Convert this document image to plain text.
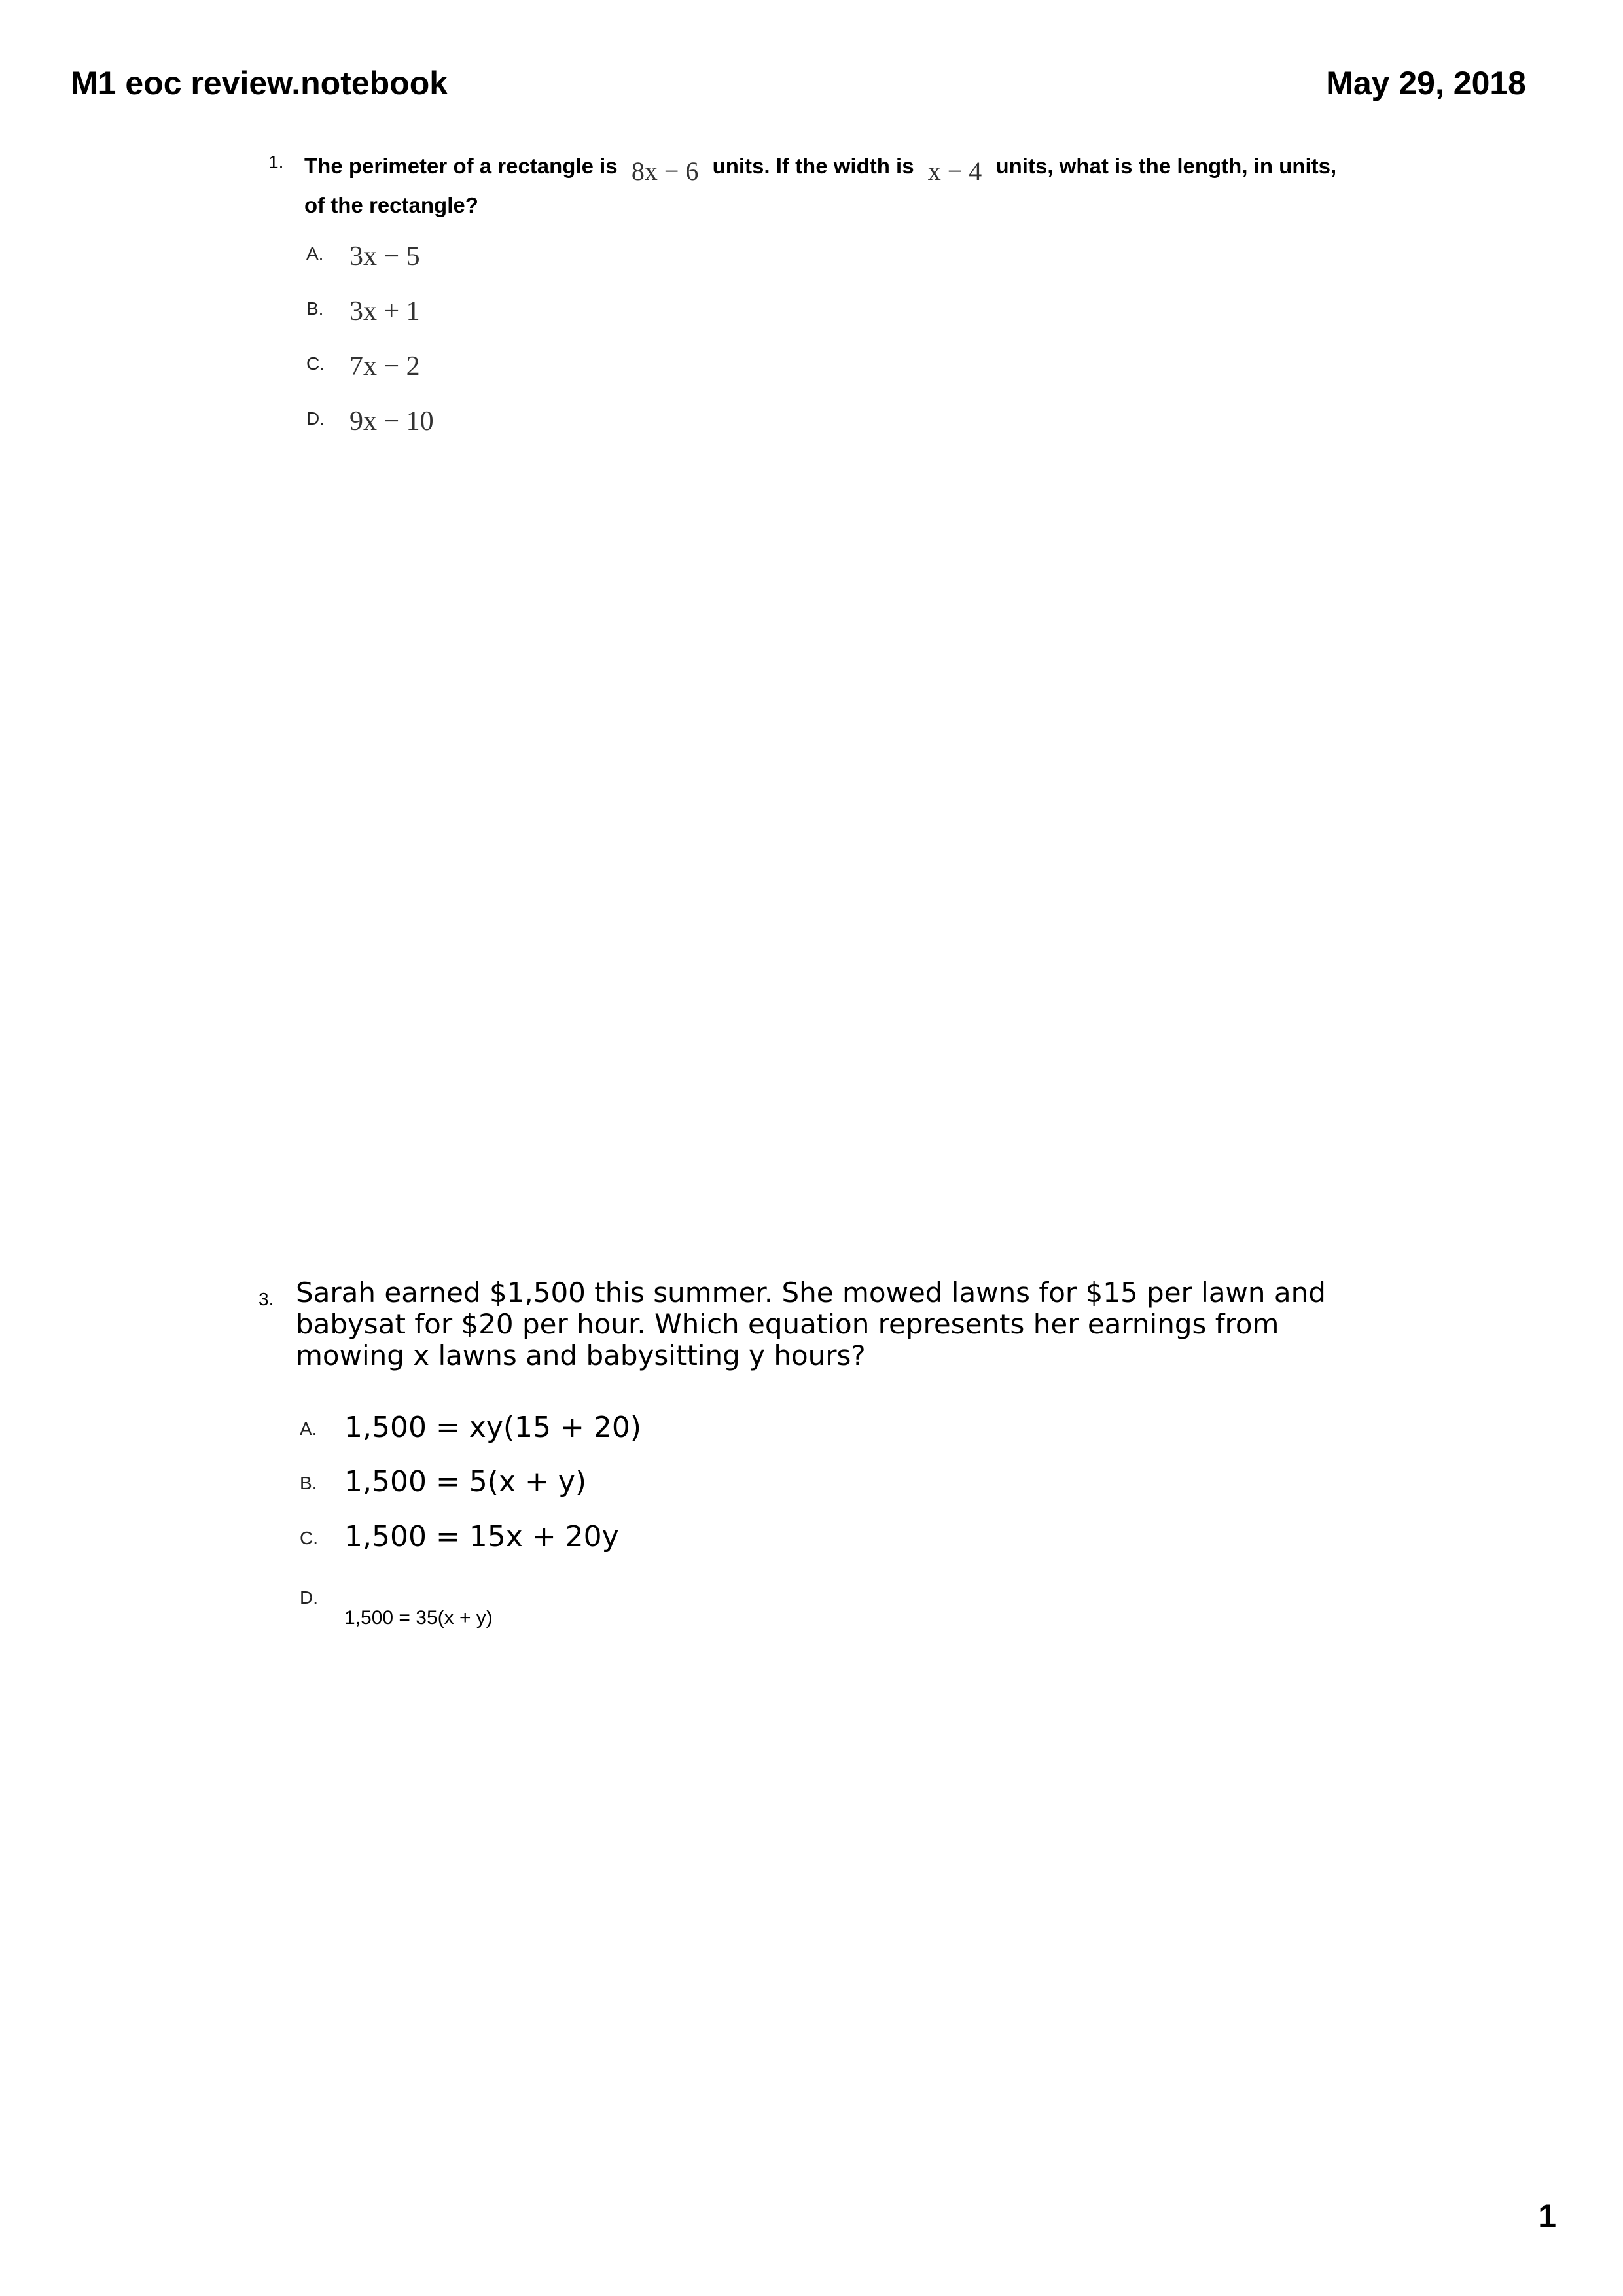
M1 eoc review.notebook	May 29, 2018
1. The perimeter of a rectangle is 8x − 6 units. If the width is x − 4 units, what is the length, in units, of the rectangle?
A. 3x − 5
B. 3x + 1
C. 7x − 2
D. 9x − 10
3. Sarah earned $1,500 this summer. She mowed lawns for $15 per lawn and babysat for $20 per hour. Which equation represents her earnings from mowing x lawns and babysitting y hours?
A. 1,500 = xy(15 + 20)
B. 1,500 = 5(x + y)
C. 1,500 = 15x + 20y
D.
1,500 = 35(x + y)
1
